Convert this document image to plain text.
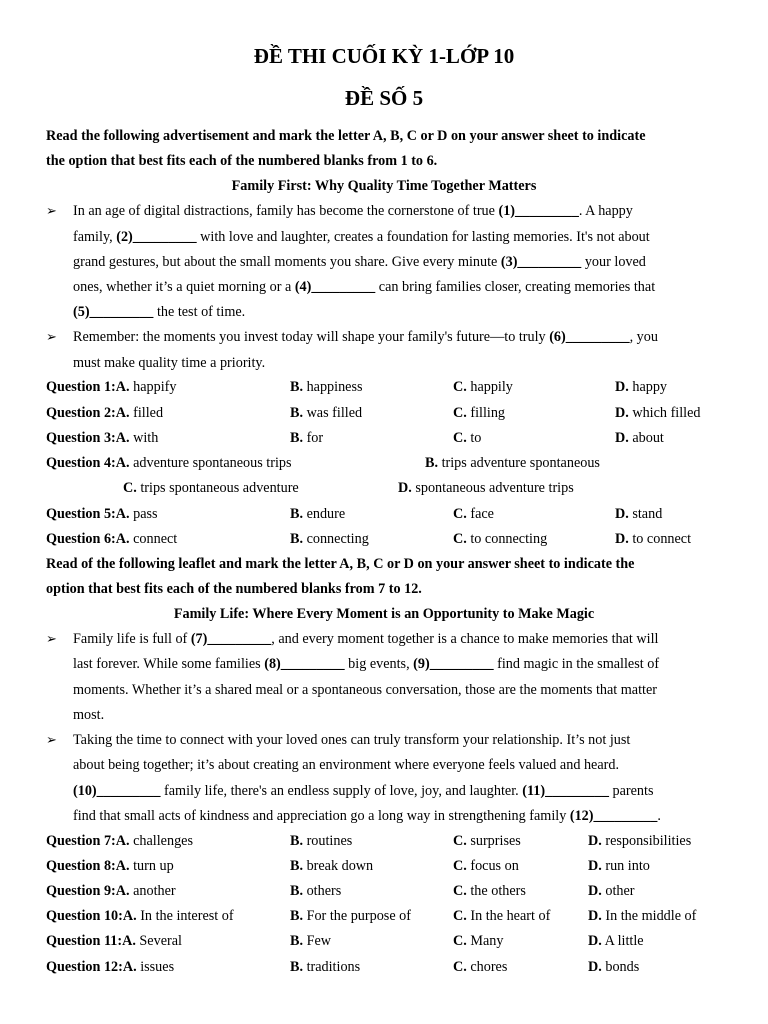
ĐỀ THI CUỐI KỲ 1-LỚP 10
ĐỀ SỐ 5
Read the following advertisement and mark the letter A, B, C or D on your answer sheet to indicate
the option that best fits each of the numbered blanks from 1 to 6.
Family First: Why Quality Time Together Matters
➢ In an age of digital distractions, family has become the cornerstone of true (1)_________. A happy
family, (2)_________ with love and laughter, creates a foundation for lasting memories. It's not about
grand gestures, but about the small moments you share. Give every minute (3)_________ your loved
ones, whether it’s a quiet morning or a (4)_________ can bring families closer, creating memories that
(5)_________ the test of time.
➢ Remember: the moments you invest today will shape your family's future—to truly (6)_________, you
must make quality time a priority.
Question 1:A. happify	B. happiness	C. happily	D. happy
Question 2:A. filled	B. was filled	C. filling	D. which filled
Question 3:A. with	B. for	C. to	D. about
Question 4:A. adventure spontaneous trips	B. trips adventure spontaneous
C. trips spontaneous adventure	D. spontaneous adventure trips
Question 5:A. pass	B. endure	C. face	D. stand
Question 6:A. connect	B. connecting	C. to connecting	D. to connect
Read of the following leaflet and mark the letter A, B, C or D on your answer sheet to indicate the
option that best fits each of the numbered blanks from 7 to 12.
Family Life: Where Every Moment is an Opportunity to Make Magic
➢ Family life is full of (7)_________, and every moment together is a chance to make memories that will
last forever. While some families (8)_________ big events, (9)_________ find magic in the smallest of
moments. Whether it’s a shared meal or a spontaneous conversation, those are the moments that matter
most.
➢ Taking the time to connect with your loved ones can truly transform your relationship. It’s not just
about being together; it’s about creating an environment where everyone feels valued and heard.
(10)_________ family life, there's an endless supply of love, joy, and laughter. (11)_________ parents
find that small acts of kindness and appreciation go a long way in strengthening family (12)_________.
Question 7:A. challenges	B. routines	C. surprises	D. responsibilities
Question 8:A. turn up	B. break down	C. focus on	D. run into
Question 9:A. another	B. others	C. the others	D. other
Question 10:A. In the interest of	B. For the purpose of	C. In the heart of	D. In the middle of
Question 11:A. Several	B. Few	C. Many	D. A little
Question 12:A. issues	B. traditions	C. chores	D. bonds
